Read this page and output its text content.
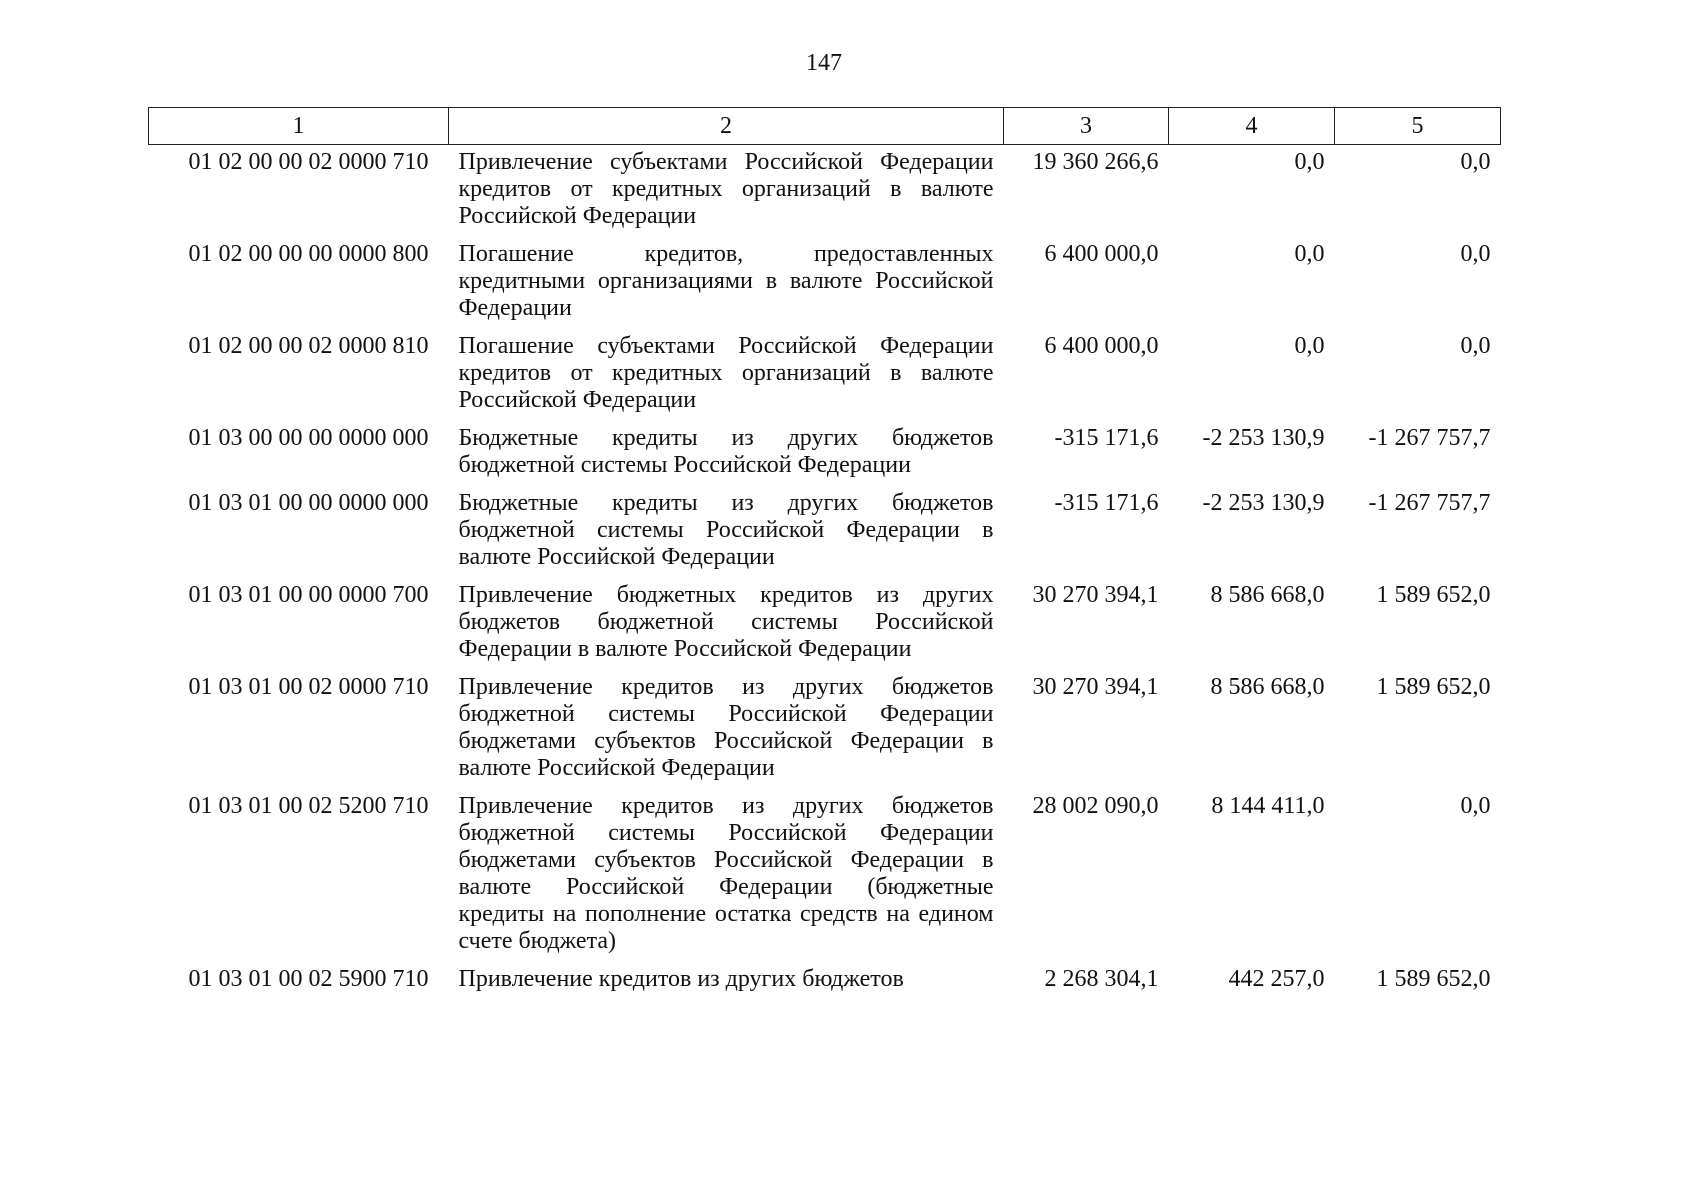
147
1	2	3	4	5
01 02 00 00 02 0000 710	Привлечение субъектами Российской Федерации кредитов от кредитных организаций в валюте Российской Федерации	19 360 266,6	0,0	0,0
01 02 00 00 00 0000 800	Погашение кредитов, предоставленных кредитными организациями в валюте Российской Федерации	6 400 000,0	0,0	0,0
01 02 00 00 02 0000 810	Погашение субъектами Российской Федерации кредитов от кредитных организаций в валюте Российской Федерации	6 400 000,0	0,0	0,0
01 03 00 00 00 0000 000	Бюджетные кредиты из других бюджетов бюджетной системы Российской Федерации	-315 171,6	-2 253 130,9	-1 267 757,7
01 03 01 00 00 0000 000	Бюджетные кредиты из других бюджетов бюджетной системы Российской Федерации в валюте Российской Федерации	-315 171,6	-2 253 130,9	-1 267 757,7
01 03 01 00 00 0000 700	Привлечение бюджетных кредитов из других бюджетов бюджетной системы Российской Федерации в валюте Российской Федерации	30 270 394,1	8 586 668,0	1 589 652,0
01 03 01 00 02 0000 710	Привлечение кредитов из других бюджетов бюджетной системы Российской Федерации бюджетами субъектов Российской Федерации в валюте Российской Федерации	30 270 394,1	8 586 668,0	1 589 652,0
01 03 01 00 02 5200 710	Привлечение кредитов из других бюджетов бюджетной системы Российской Федерации бюджетами субъектов Российской Федерации в валюте Российской Федерации (бюджетные кредиты на пополнение остатка средств на едином счете бюджета)	28 002 090,0	8 144 411,0	0,0
01 03 01 00 02 5900 710	Привлечение кредитов из других бюджетов	2 268 304,1	442 257,0	1 589 652,0
